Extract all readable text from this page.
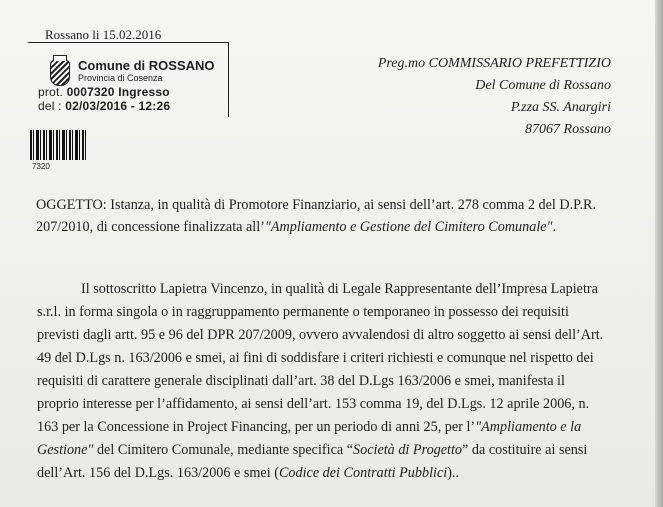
Rossano li 15.02.2016
Comune di ROSSANO
Provincia di Cosenza
prot. 0007320 Ingresso
del : 02/03/2016 - 12:26
7320
Preg.mo COMMISSARIO PREFETTIZIO
Del Comune di Rossano
P.zza SS. Anargiri
87067 Rossano
OGGETTO: Istanza, in qualità di Promotore Finanziario, ai sensi dell’art. 278 comma 2 del D.P.R.
207/2010, di concessione finalizzata all’"Ampliamento e Gestione del Cimitero Comunale".
Il sottoscritto Lapietra Vincenzo, in qualità di Legale Rappresentante dell’Impresa Lapietra
s.r.l. in forma singola o in raggruppamento permanente o temporaneo in possesso dei requisiti
previsti dagli artt. 95 e 96 del DPR 207/2009, ovvero avvalendosi di altro soggetto ai sensi dell’Art.
49 del D.Lgs n. 163/2006 e smei, ai fini di soddisfare i criteri richiesti e comunque nel rispetto dei
requisiti di carattere generale disciplinati dall’art. 38 del D.Lgs 163/2006 e smei, manifesta il
proprio interesse per l’affidamento, ai sensi dell’art. 153 comma 19, del D.Lgs. 12 aprile 2006, n.
163 per la Concessione in Project Financing, per un periodo di anni 25, per l’"Ampliamento e la
Gestione" del Cimitero Comunale, mediante specifica “Società di Progetto” da costituire ai sensi
dell’Art. 156 del D.Lgs. 163/2006 e smei (Codice dei Contratti Pubblici)..
